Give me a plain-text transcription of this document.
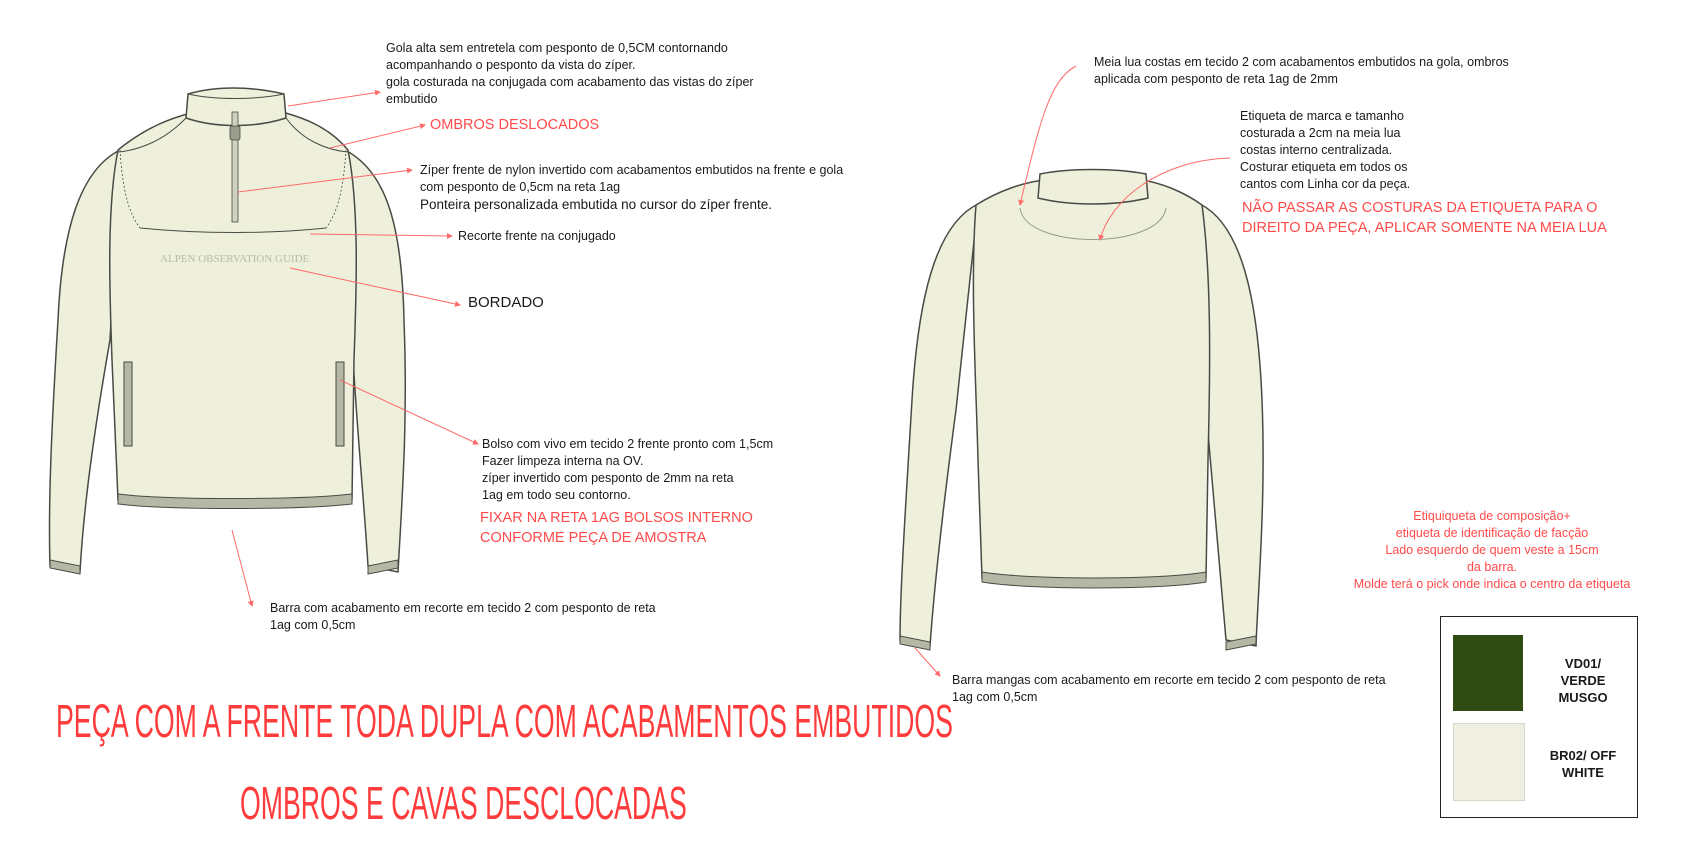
ALPEN OBSERVATION GUIDE
Gola alta sem entretela com pesponto de 0,5CM contornando
acompanhando o pesponto da vista do zíper.
gola costurada na conjugada com acabamento das vistas do zíper
embutido
OMBROS DESLOCADOS
Zíper frente de nylon invertido com acabamentos embutidos na frente e gola
com pesponto de 0,5cm na reta 1ag
Ponteira personalizada embutida no cursor do zíper frente.
Recorte frente na conjugado
BORDADO
Bolso com vivo em tecido 2 frente pronto com 1,5cm
Fazer limpeza interna na OV.
zíper invertido com pesponto de 2mm na reta
1ag em todo seu contorno.
FIXAR NA RETA 1AG BOLSOS INTERNO
CONFORME PEÇA DE AMOSTRA
Barra com acabamento em recorte em tecido 2 com pesponto de reta
1ag com 0,5cm
PEÇA COM A FRENTE TODA DUPLA COM ACABAMENTOS EMBUTIDOS
OMBROS E CAVAS DESCLOCADAS
Meia lua costas em tecido 2 com acabamentos embutidos na gola, ombros
aplicada com pesponto de reta 1ag de 2mm
Etiqueta de marca e tamanho
costurada a 2cm na meia lua
costas interno centralizada.
Costurar etiqueta em todos os
cantos com Linha cor da peça.
NÃO PASSAR AS COSTURAS DA ETIQUETA PARA O
DIREITO DA PEÇA, APLICAR SOMENTE NA MEIA LUA
Barra mangas com acabamento em recorte em tecido 2 com pesponto de reta
1ag com 0,5cm
Etiquiqueta de composição+
etiqueta de identificação de facção
Lado esquerdo de quem veste a 15cm
da barra.
Molde terá o pick onde indica o centro da etiqueta
VD01/ VERDE
MUSGO
BR02/ OFF
WHITE
